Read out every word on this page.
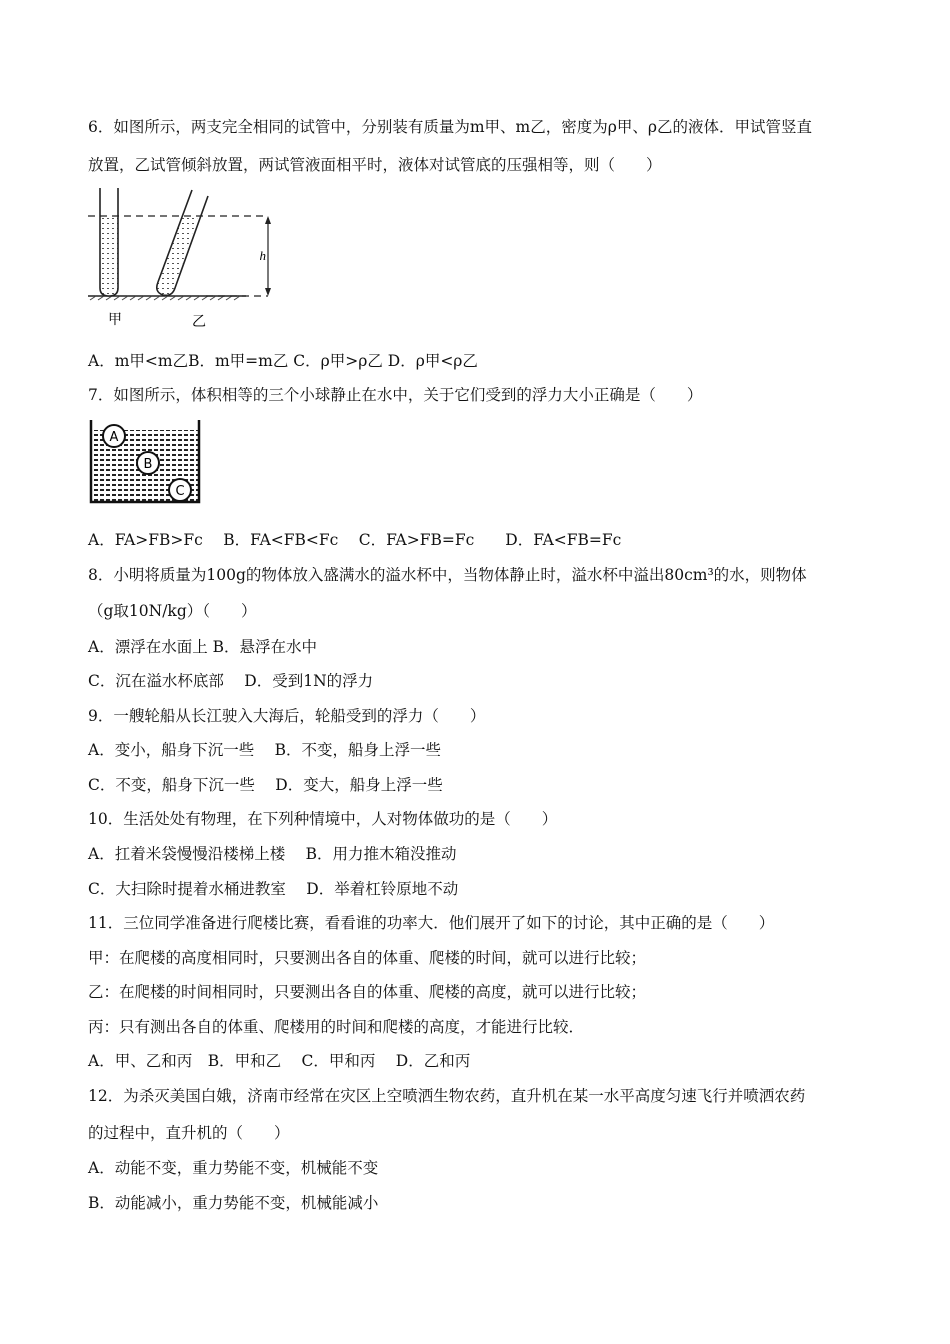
6．如图所示，两支完全相同的试管中，分别装有质量为m甲、m乙，密度为ρ甲、ρ乙的液体．甲试管竖直
放置，乙试管倾斜放置，两试管液面相平时，液体对试管底的压强相等，则（　　）
h
甲	乙
A．m甲<m乙B．m甲=m乙 C．ρ甲>ρ乙 D．ρ甲<ρ乙
7．如图所示，体积相等的三个小球静止在水中，关于它们受到的浮力大小正确是（　　）
A
B
C
A．FA>FB>Fc　 B．FA<FB<Fc　 C．FA>FB=Fc　　D．FA<FB=Fc
8．小明将质量为100g的物体放入盛满水的溢水杯中，当物体静止时，溢水杯中溢出80cm³的水，则物体
（g取10N/kg）（　　）
A．漂浮在水面上 B．悬浮在水中
C．沉在溢水杯底部　 D．受到1N的浮力
9．一艘轮船从长江驶入大海后，轮船受到的浮力（　　）
A．变小，船身下沉一些　 B．不变，船身上浮一些
C．不变，船身下沉一些　 D．变大，船身上浮一些
10．生活处处有物理，在下列种情境中，人对物体做功的是（　　）
A．扛着米袋慢慢沿楼梯上楼　 B．用力推木箱没推动
C．大扫除时提着水桶进教室　 D．举着杠铃原地不动
11．三位同学准备进行爬楼比赛，看看谁的功率大．他们展开了如下的讨论，其中正确的是（　　）
甲：在爬楼的高度相同时，只要测出各自的体重、爬楼的时间，就可以进行比较；
乙：在爬楼的时间相同时，只要测出各自的体重、爬楼的高度，就可以进行比较；
丙：只有测出各自的体重、爬楼用的时间和爬楼的高度，才能进行比较．
A．甲、乙和丙　B．甲和乙　 C．甲和丙　 D．乙和丙
12．为杀灭美国白娥，济南市经常在灾区上空喷洒生物农药，直升机在某一水平高度匀速飞行并喷洒农药
的过程中，直升机的（　　）
A．动能不变，重力势能不变，机械能不变
B．动能减小，重力势能不变，机械能减小
